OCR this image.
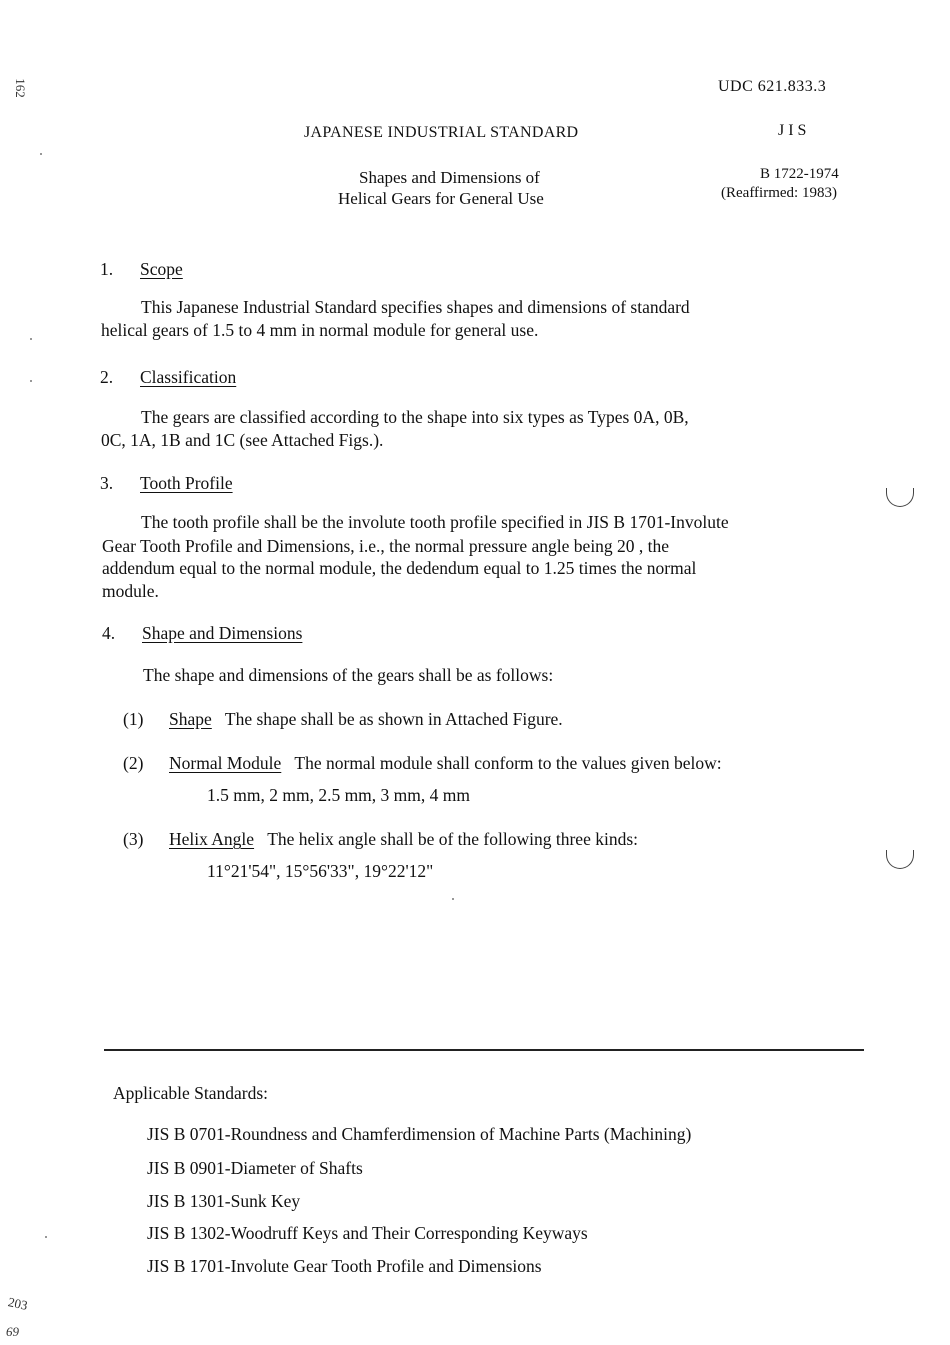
162
203
69
UDC 621.833.3
JAPANESE INDUSTRIAL STANDARD	J I S
Shapes and Dimensions of
Helical Gears for General Use
B 1722-1974
(Reaffirmed: 1983)
1. Scope
This Japanese Industrial Standard specifies shapes and dimensions of standard
helical gears of 1.5 to 4 mm in normal module for general use.
2. Classification
The gears are classified according to the shape into six types as Types 0A, 0B,
0C, 1A, 1B and 1C (see Attached Figs.).
3. Tooth Profile
The tooth profile shall be the involute tooth profile specified in JIS B 1701-Involute
Gear Tooth Profile and Dimensions, i.e., the normal pressure angle being 20 , the
addendum equal to the normal module, the dedendum equal to 1.25 times the normal
module.
4. Shape and Dimensions
The shape and dimensions of the gears shall be as follows:
(1) Shape The shape shall be as shown in Attached Figure.
(2) Normal Module The normal module shall conform to the values given below:
1.5 mm, 2 mm, 2.5 mm, 3 mm, 4 mm
(3) Helix Angle The helix angle shall be of the following three kinds:
11°21'54", 15°56'33", 19°22'12"
Applicable Standards:
JIS B 0701-Roundness and Chamferdimension of Machine Parts (Machining)
JIS B 0901-Diameter of Shafts
JIS B 1301-Sunk Key
JIS B 1302-Woodruff Keys and Their Corresponding Keyways
JIS B 1701-Involute Gear Tooth Profile and Dimensions
